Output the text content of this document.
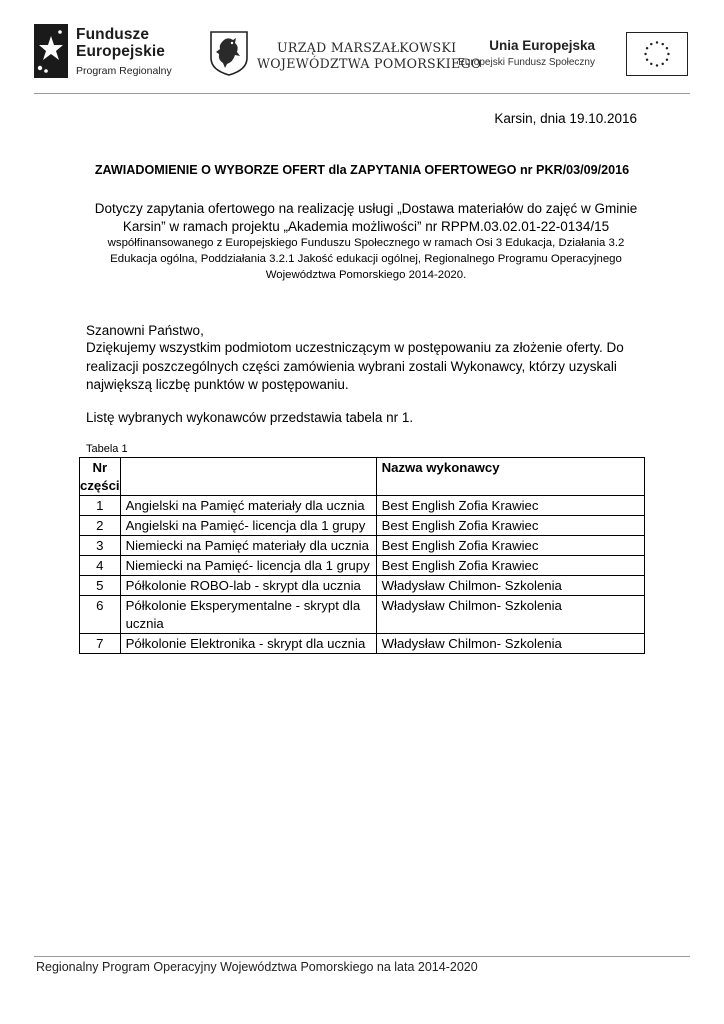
Fundusze
Europejskie
Program Regionalny
URZĄD MARSZAŁKOWSKI
WOJEWÓDZTWA POMORSKIEGO
Unia Europejska
Europejski Fundusz Społeczny
Karsin, dnia 19.10.2016
ZAWIADOMIENIE O WYBORZE OFERT dla ZAPYTANIA OFERTOWEGO nr PKR/03/09/2016
Dotyczy zapytania ofertowego na realizację usługi „Dostawa materiałów do zajęć w Gminie
Karsin” w ramach projektu „Akademia możliwości” nr RPPM.03.02.01-22-0134/15
współfinansowanego z Europejskiego Funduszu Społecznego w ramach Osi 3 Edukacja, Działania 3.2 Edukacja ogólna, Poddziałania 3.2.1 Jakość edukacji ogólnej, Regionalnego Programu Operacyjnego Województwa Pomorskiego 2014-2020.
Szanowni Państwo,
Dziękujemy wszystkim podmiotom uczestniczącym w postępowaniu za złożenie oferty. Do realizacji poszczególnych części zamówienia wybrani zostali Wykonawcy, którzy uzyskali największą liczbę punktów w postępowaniu.
Listę wybranych wykonawców przedstawia tabela nr 1.
Tabela 1
Nr części		Nazwa wykonawcy
1	Angielski na Pamięć materiały dla ucznia	Best English Zofia Krawiec
2	Angielski na Pamięć- licencja dla 1 grupy	Best English Zofia Krawiec
3	Niemiecki na Pamięć materiały dla ucznia	Best English Zofia Krawiec
4	Niemiecki na Pamięć- licencja dla 1 grupy	Best English Zofia Krawiec
5	Półkolonie ROBO-lab - skrypt dla ucznia	Władysław Chilmon- Szkolenia
6	Półkolonie Eksperymentalne - skrypt dla ucznia	Władysław Chilmon- Szkolenia
7	Półkolonie Elektronika - skrypt dla ucznia	Władysław Chilmon- Szkolenia
Regionalny Program Operacyjny Województwa Pomorskiego na lata 2014-2020
